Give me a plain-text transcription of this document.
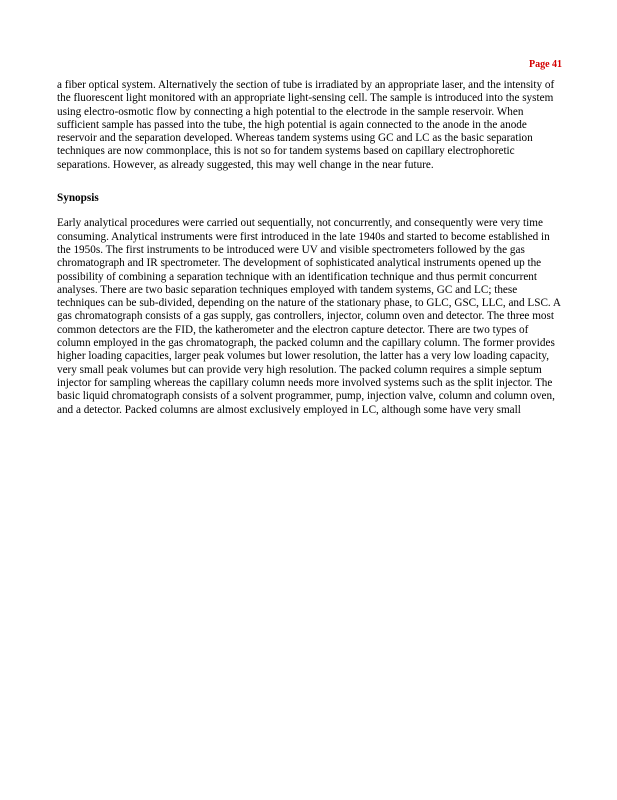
Page 41

a fiber optical system. Alternatively the section of tube is irradiated by an appropriate laser, and the intensity of the fluorescent light monitored with an appropriate light-sensing cell. The sample is introduced into the system using electro-osmotic flow by connecting a high potential to the electrode in the sample reservoir. When sufficient sample has passed into the tube, the high potential is again connected to the anode in the anode reservoir and the separation developed. Whereas tandem systems using GC and LC as the basic separation techniques are now commonplace, this is not so for tandem systems based on capillary electrophoretic separations. However, as already suggested, this may well change in the near future.

Synopsis

Early analytical procedures were carried out sequentially, not concurrently, and consequently were very time consuming. Analytical instruments were first introduced in the late 1940s and started to become established in the 1950s. The first instruments to be introduced were UV and visible spectrometers followed by the gas chromatograph and IR spectrometer. The development of sophisticated analytical instruments opened up the possibility of combining a separation technique with an identification technique and thus permit concurrent analyses. There are two basic separation techniques employed with tandem systems, GC and LC; these techniques can be sub-divided, depending on the nature of the stationary phase, to GLC, GSC, LLC, and LSC. A gas chromatograph consists of a gas supply, gas controllers, injector, column oven and detector. The three most common detectors are the FID, the katherometer and the electron capture detector. There are two types of column employed in the gas chromatograph, the packed column and the capillary column. The former provides higher loading capacities, larger peak volumes but lower resolution, the latter has a very low loading capacity, very small peak volumes but can provide very high resolution. The packed column requires a simple septum injector for sampling whereas the capillary column needs more involved systems such as the split injector. The basic liquid chromatograph consists of a solvent programmer, pump, injection valve, column and column oven, and a detector. Packed columns are almost exclusively employed in LC, although some have very small
